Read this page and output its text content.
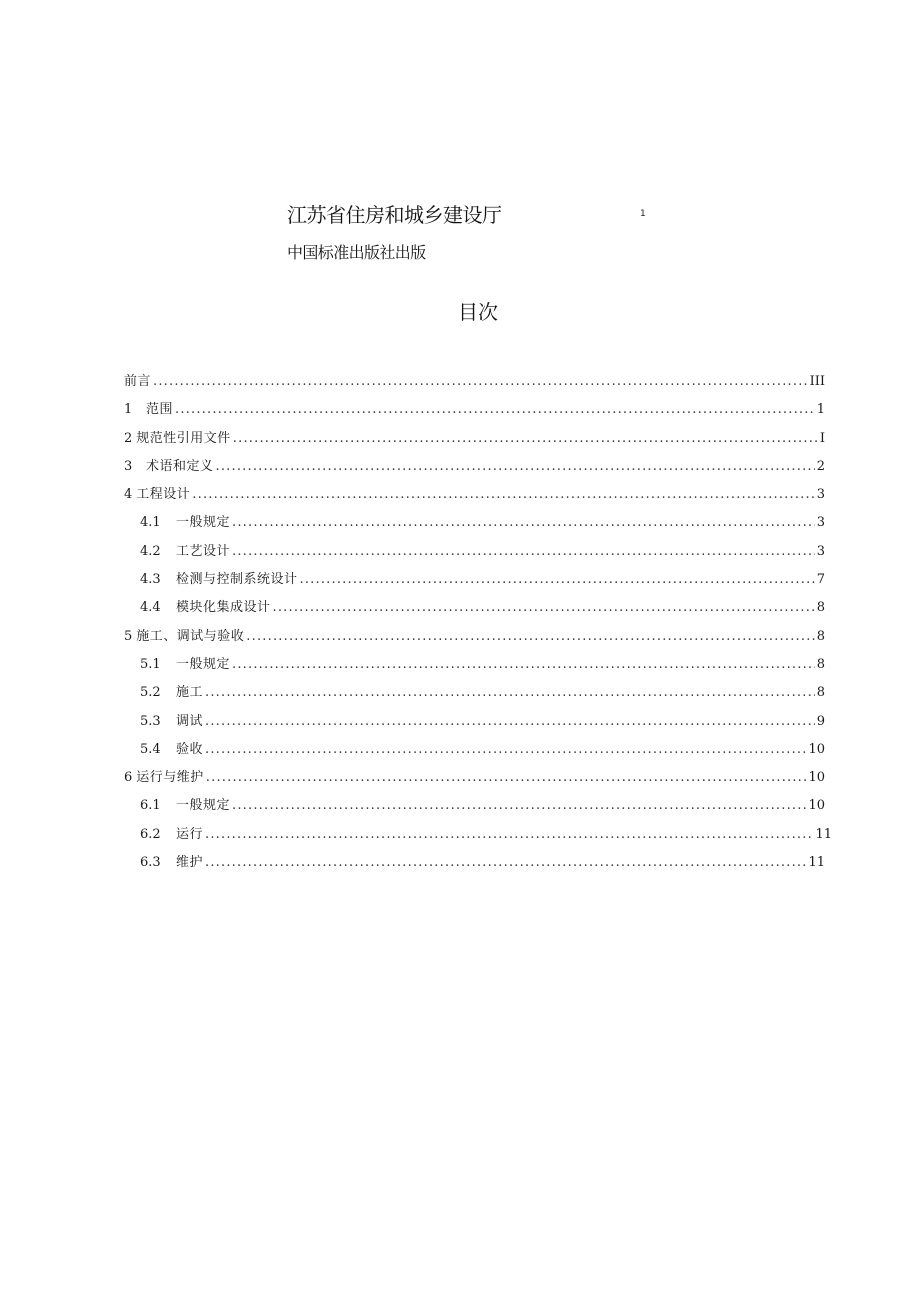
江苏省住房和城乡建设厅	1
中国标准出版社出版
目次
前言 .....	III
1	范围 .....	1
2 规范性引用文件 .....	I
3	术语和定义 .....	2
4 工程设计 .....	3
4.1	一般规定 .....	3
4.2	工艺设计 .....	3
4.3	检测与控制系统设计 .....	7
4.4	模块化集成设计 .....	8
5 施工、调试与验收 .....	8
5.1	一般规定 .....	8
5.2	施工 .....	8
5.3	调试 .....	9
5.4	验收 .....	10
6 运行与维护 .....	10
6.1	一般规定 .....	10
6.2	运行 .....	11
6.3	维护 .....	11
